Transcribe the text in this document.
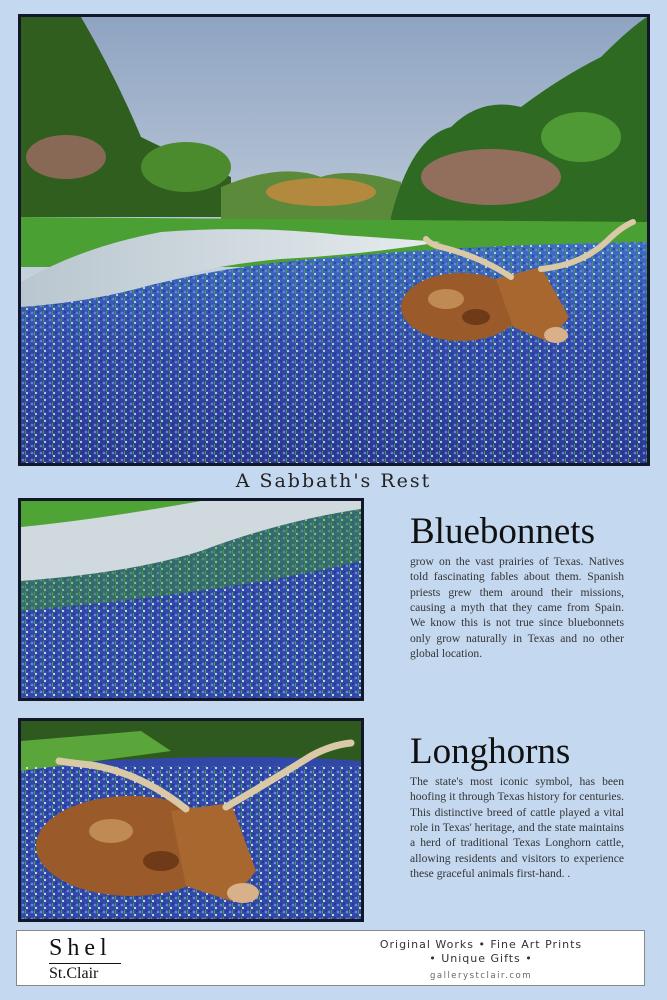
A Sabbath's Rest
Bluebonnets

grow on the vast prairies of Texas. Natives told fascinating fables about them. Spanish priests grew them around their missions, causing a myth that they came from Spain. We know this is not true since bluebonnets only grow naturally in Texas and no other global location.

Longhorns

The state's most iconic symbol, has been hoofing it through Texas history for centuries. This distinctive breed of cattle played a vital role in Texas' heritage, and the state maintains a herd of traditional Texas Longhorn cattle, allowing residents and visitors to experience these graceful animals first-hand. .

Shel
St.Clair
Original Works • Fine Art Prints
• Unique Gifts •
gallerystclair.com
